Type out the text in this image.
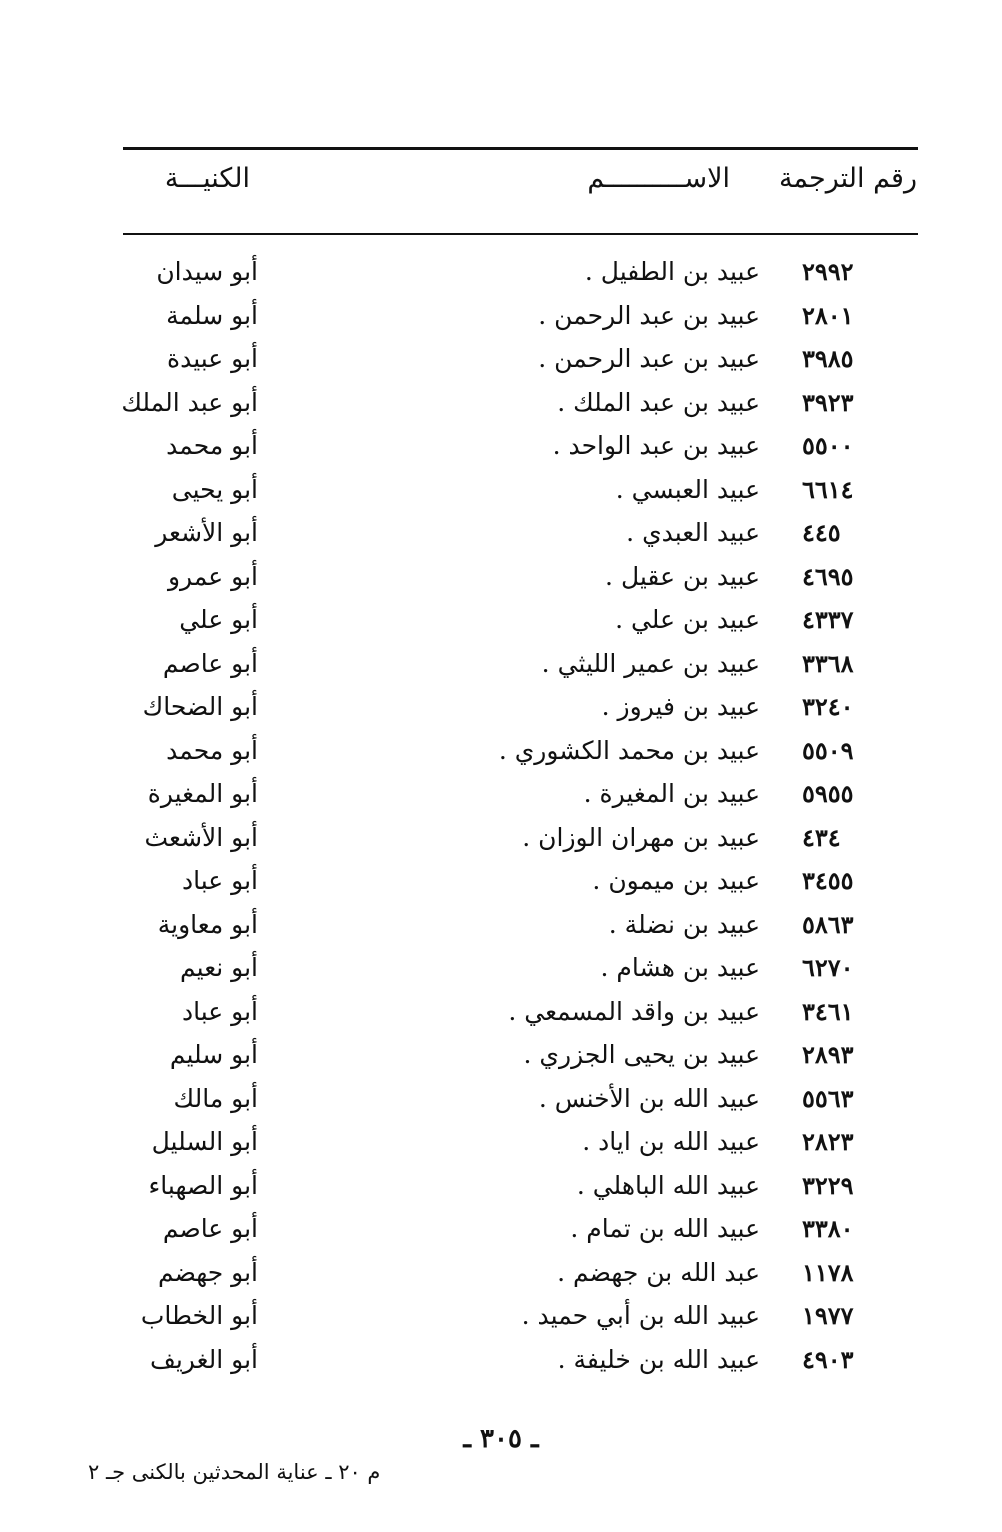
رقم الترجمة
الاســــــــــم
الكنيـــة
٢٩٩٢
عبيد بن الطفيل .
أبو سيدان
٢٨٠١
عبيد بن عبد الرحمن .
أبو سلمة
٣٩٨٥
عبيد بن عبد الرحمن .
أبو عبيدة
٣٩٢٣
عبيد بن عبد الملك .
أبو عبد الملك
٥٥٠٠
عبيد بن عبد الواحد .
أبو محمد
٦٦١٤
عبيد العبسي .
أبو يحيى
٤٤٥
عبيد العبدي .
أبو الأشعر
٤٦٩٥
عبيد بن عقيل .
أبو عمرو
٤٣٣٧
عبيد بن علي .
أبو علي
٣٣٦٨
عبيد بن عمير الليثي .
أبو عاصم
٣٢٤٠
عبيد بن فيروز .
أبو الضحاك
٥٥٠٩
عبيد بن محمد الكشوري .
أبو محمد
٥٩٥٥
عبيد بن المغيرة .
أبو المغيرة
٤٣٤
عبيد بن مهران الوزان .
أبو الأشعث
٣٤٥٥
عبيد بن ميمون .
أبو عباد
٥٨٦٣
عبيد بن نضلة .
أبو معاوية
٦٢٧٠
عبيد بن هشام .
أبو نعيم
٣٤٦١
عبيد بن واقد المسمعي .
أبو عباد
٢٨٩٣
عبيد بن يحيى الجزري .
أبو سليم
٥٥٦٣
عبيد الله بن الأخنس .
أبو مالك
٢٨٢٣
عبيد الله بن اياد .
أبو السليل
٣٢٢٩
عبيد الله الباهلي .
أبو الصهباء
٣٣٨٠
عبيد الله بن تمام .
أبو عاصم
١١٧٨
عبد الله بن جهضم .
أبو جهضم
١٩٧٧
عبيد الله بن أبي حميد .
أبو الخطاب
٤٩٠٣
عبيد الله بن خليفة .
أبو الغريف
ـ ٣٠٥ ـ
م ٢٠ ـ عناية المحدثين بالكنى جـ ٢
